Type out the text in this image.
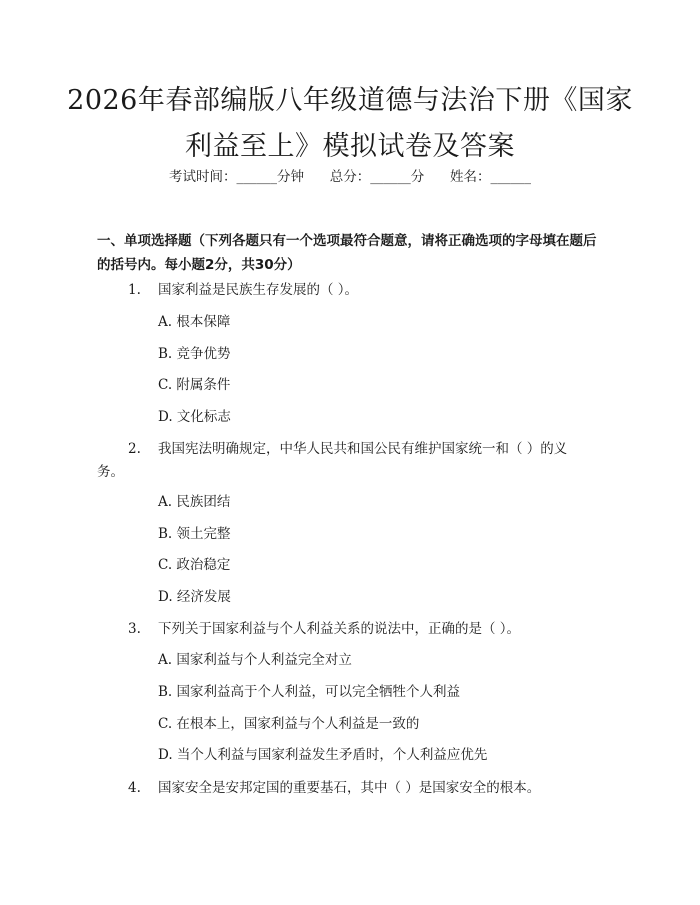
2026年春部编版八年级道德与法治下册《国家利益至上》模拟试卷及答案
考试时间：______分钟      总分：______分      姓名：______
一、单项选择题（下列各题只有一个选项最符合题意，请将正确选项的字母填在题后的括号内。每小题2分，共30分）
1. 国家利益是民族生存发展的（ ）。
A. 根本保障
B. 竞争优势
C. 附属条件
D. 文化标志
2. 我国宪法明确规定，中华人民共和国公民有维护国家统一和（ ）的义
务。
A. 民族团结
B. 领土完整
C. 政治稳定
D. 经济发展
3. 下列关于国家利益与个人利益关系的说法中，正确的是（ ）。
A. 国家利益与个人利益完全对立
B. 国家利益高于个人利益，可以完全牺牲个人利益
C. 在根本上，国家利益与个人利益是一致的
D. 当个人利益与国家利益发生矛盾时，个人利益应优先
4. 国家安全是安邦定国的重要基石，其中（ ）是国家安全的根本。
